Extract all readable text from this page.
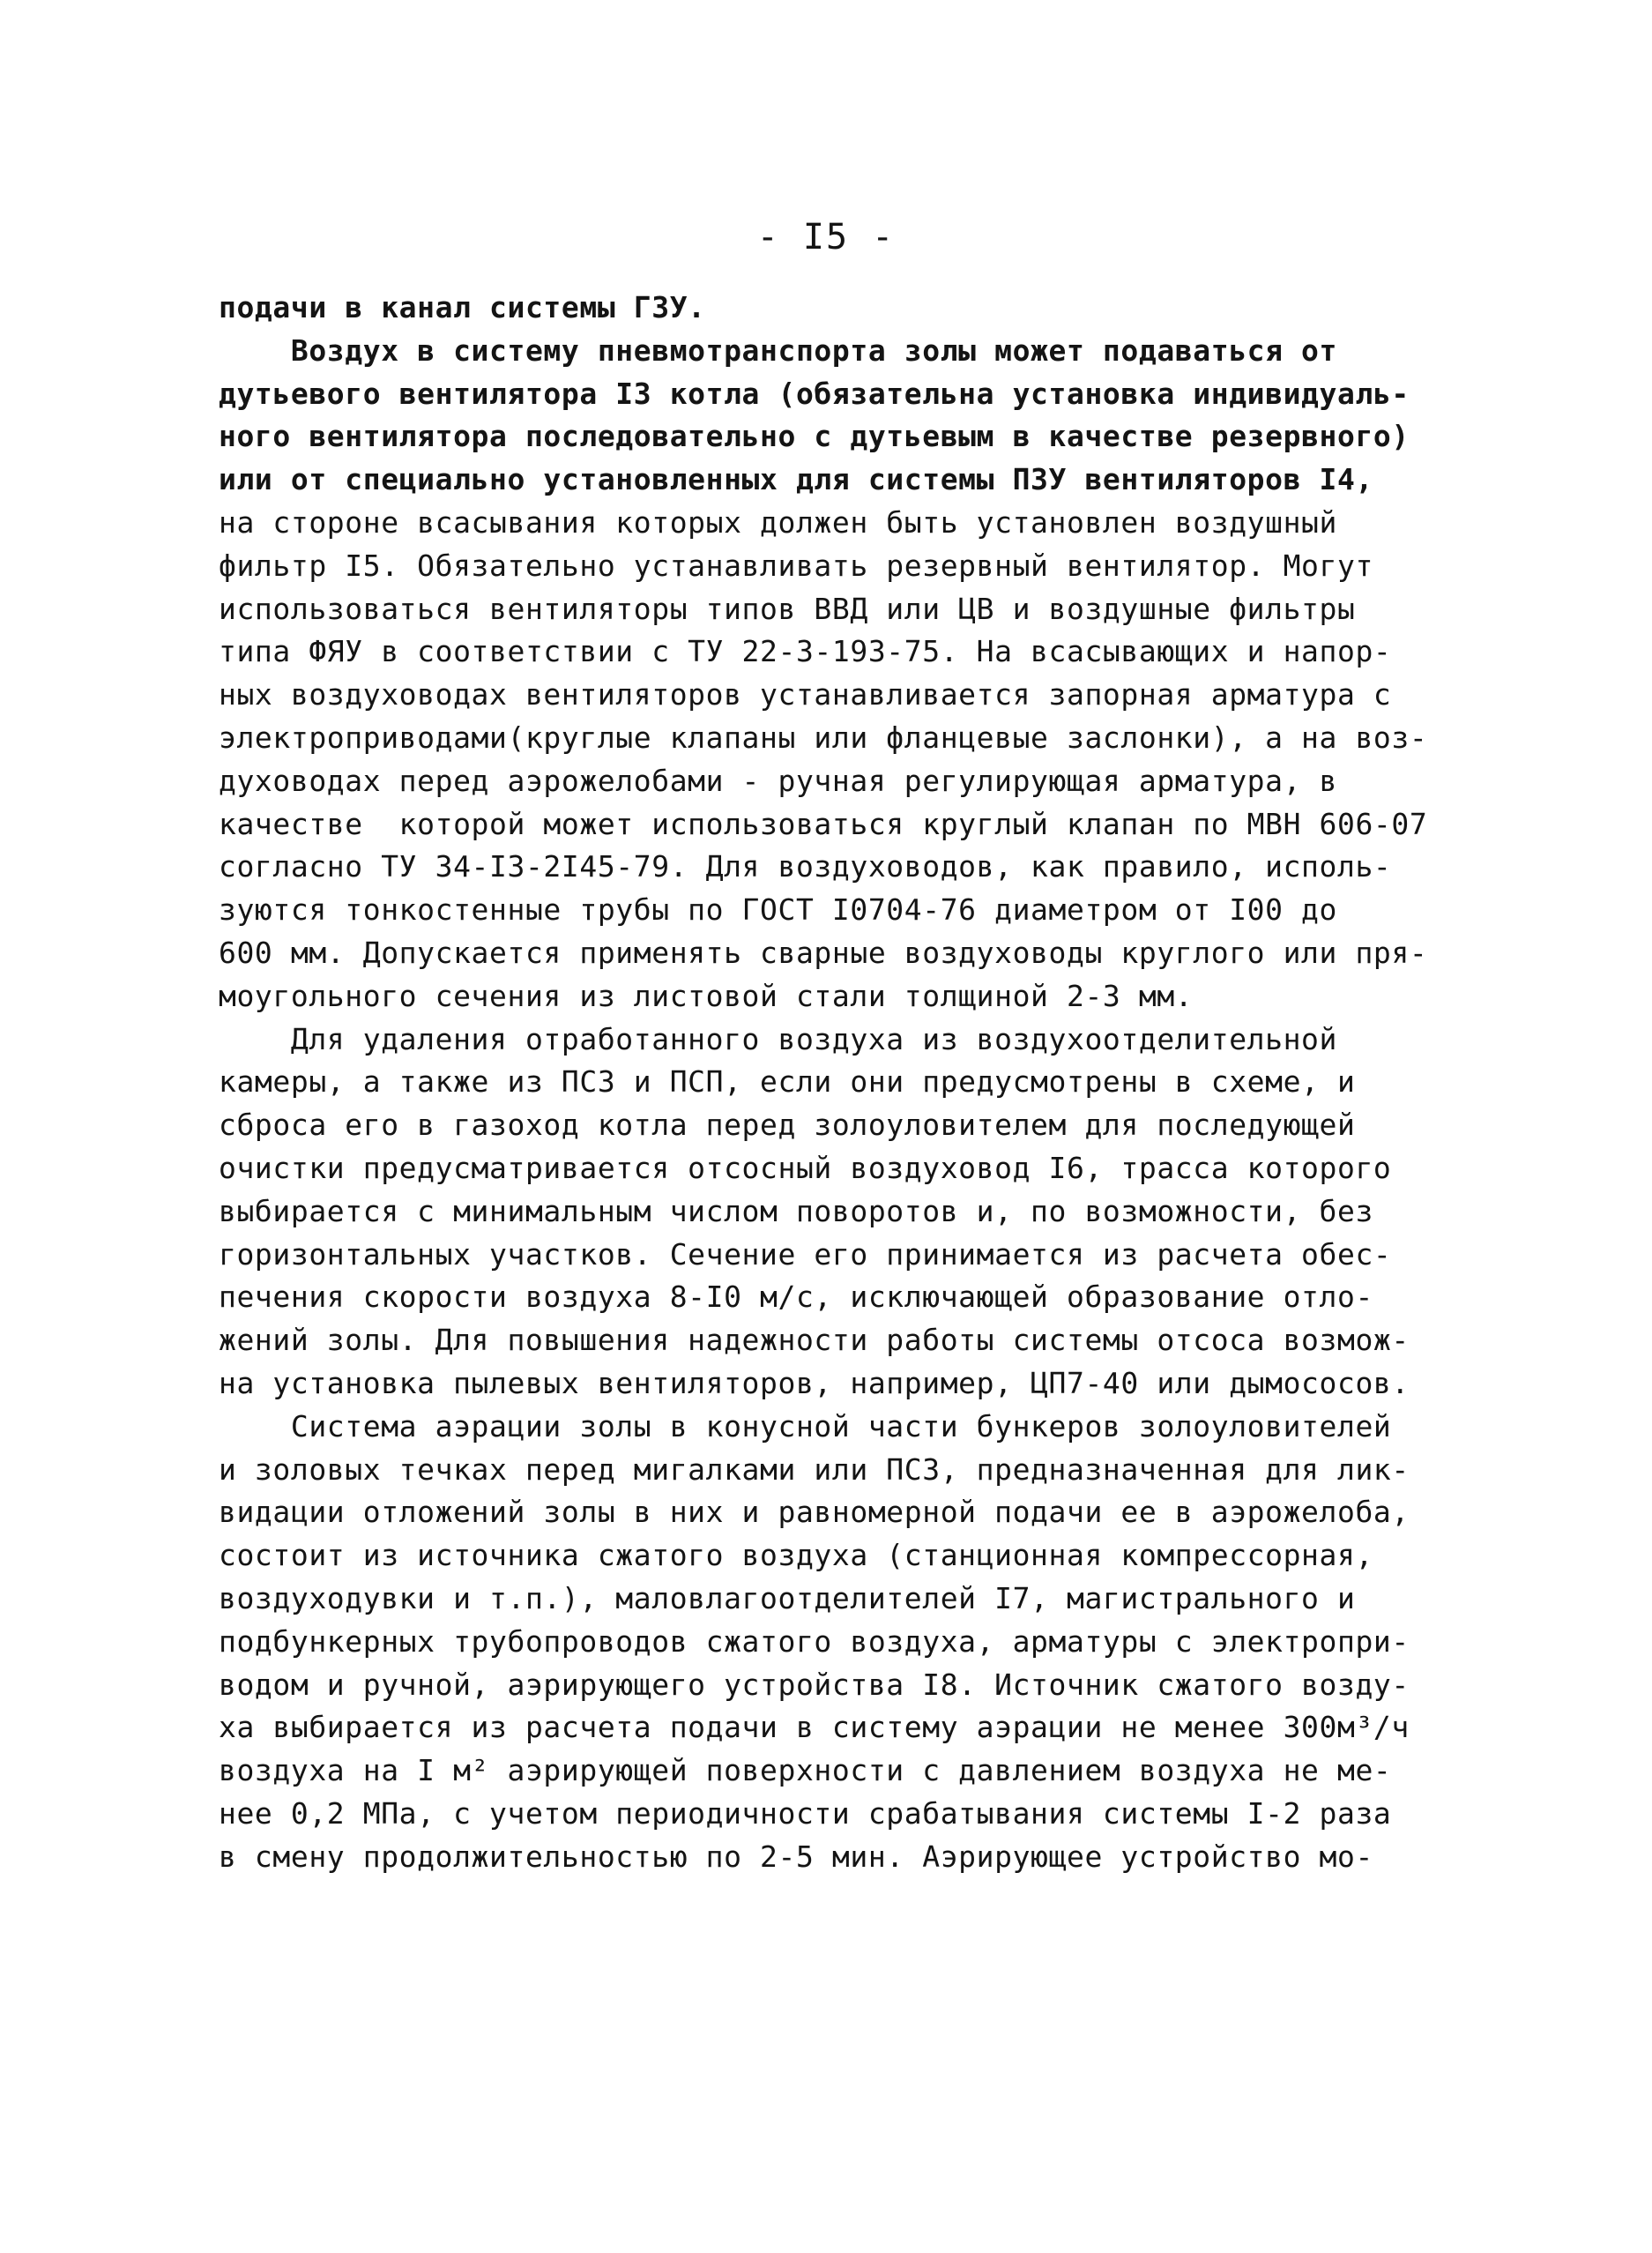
- I5 -
подачи в канал системы ГЗУ.
Воздух в систему пневмотранспорта золы может подаваться от
дутьевого вентилятора I3 котла (обязательна установка индивидуаль-
ного вентилятора последовательно с дутьевым в качестве резервного)
или от специально установленных для системы ПЗУ вентиляторов I4,
на стороне всасывания которых должен быть установлен воздушный
фильтр I5. Обязательно устанавливать резервный вентилятор. Могут
использоваться вентиляторы типов ВВД или ЦВ и воздушные фильтры
типа ФЯУ в соответствии с ТУ 22-3-193-75. На всасывающих и напор-
ных воздуховодах вентиляторов устанавливается запорная арматура с
электроприводами(круглые клапаны или фланцевые заслонки), а на воз-
духоводах перед аэрожелобами - ручная регулирующая арматура, в
качестве  которой может использоваться круглый клапан по МВН 606-07
согласно ТУ 34-I3-2I45-79. Для воздуховодов, как правило, исполь-
зуются тонкостенные трубы по ГОСТ I0704-76 диаметром от I00 до
600 мм. Допускается применять сварные воздуховоды круглого или пря-
моугольного сечения из листовой стали толщиной 2-3 мм.
Для удаления отработанного воздуха из воздухоотделительной
камеры, а также из ПСЗ и ПСП, если они предусмотрены в схеме, и
сброса его в газоход котла перед золоуловителем для последующей
очистки предусматривается отсосный воздуховод I6, трасса которого
выбирается с минимальным числом поворотов и, по возможности, без
горизонтальных участков. Сечение его принимается из расчета обес-
печения скорости воздуха 8-I0 м/с, исключающей образование отло-
жений золы. Для повышения надежности работы системы отсоса возмож-
на установка пылевых вентиляторов, например, ЦП7-40 или дымососов.
Система аэрации золы в конусной части бункеров золоуловителей
и золовых течках перед мигалками или ПСЗ, предназначенная для лик-
видации отложений золы в них и равномерной подачи ее в аэрожелоба,
состоит из источника сжатого воздуха (станционная компрессорная,
воздуходувки и т.п.), маловлагоотделителей I7, магистрального и
подбункерных трубопроводов сжатого воздуха, арматуры с электропри-
водом и ручной, аэрирующего устройства I8. Источник сжатого возду-
ха выбирается из расчета подачи в систему аэрации не менее 300м³/ч
воздуха на I м² аэрирующей поверхности с давлением воздуха не ме-
нее 0,2 МПа, с учетом периодичности срабатывания системы I-2 раза
в смену продолжительностью по 2-5 мин. Аэрирующее устройство мо-
